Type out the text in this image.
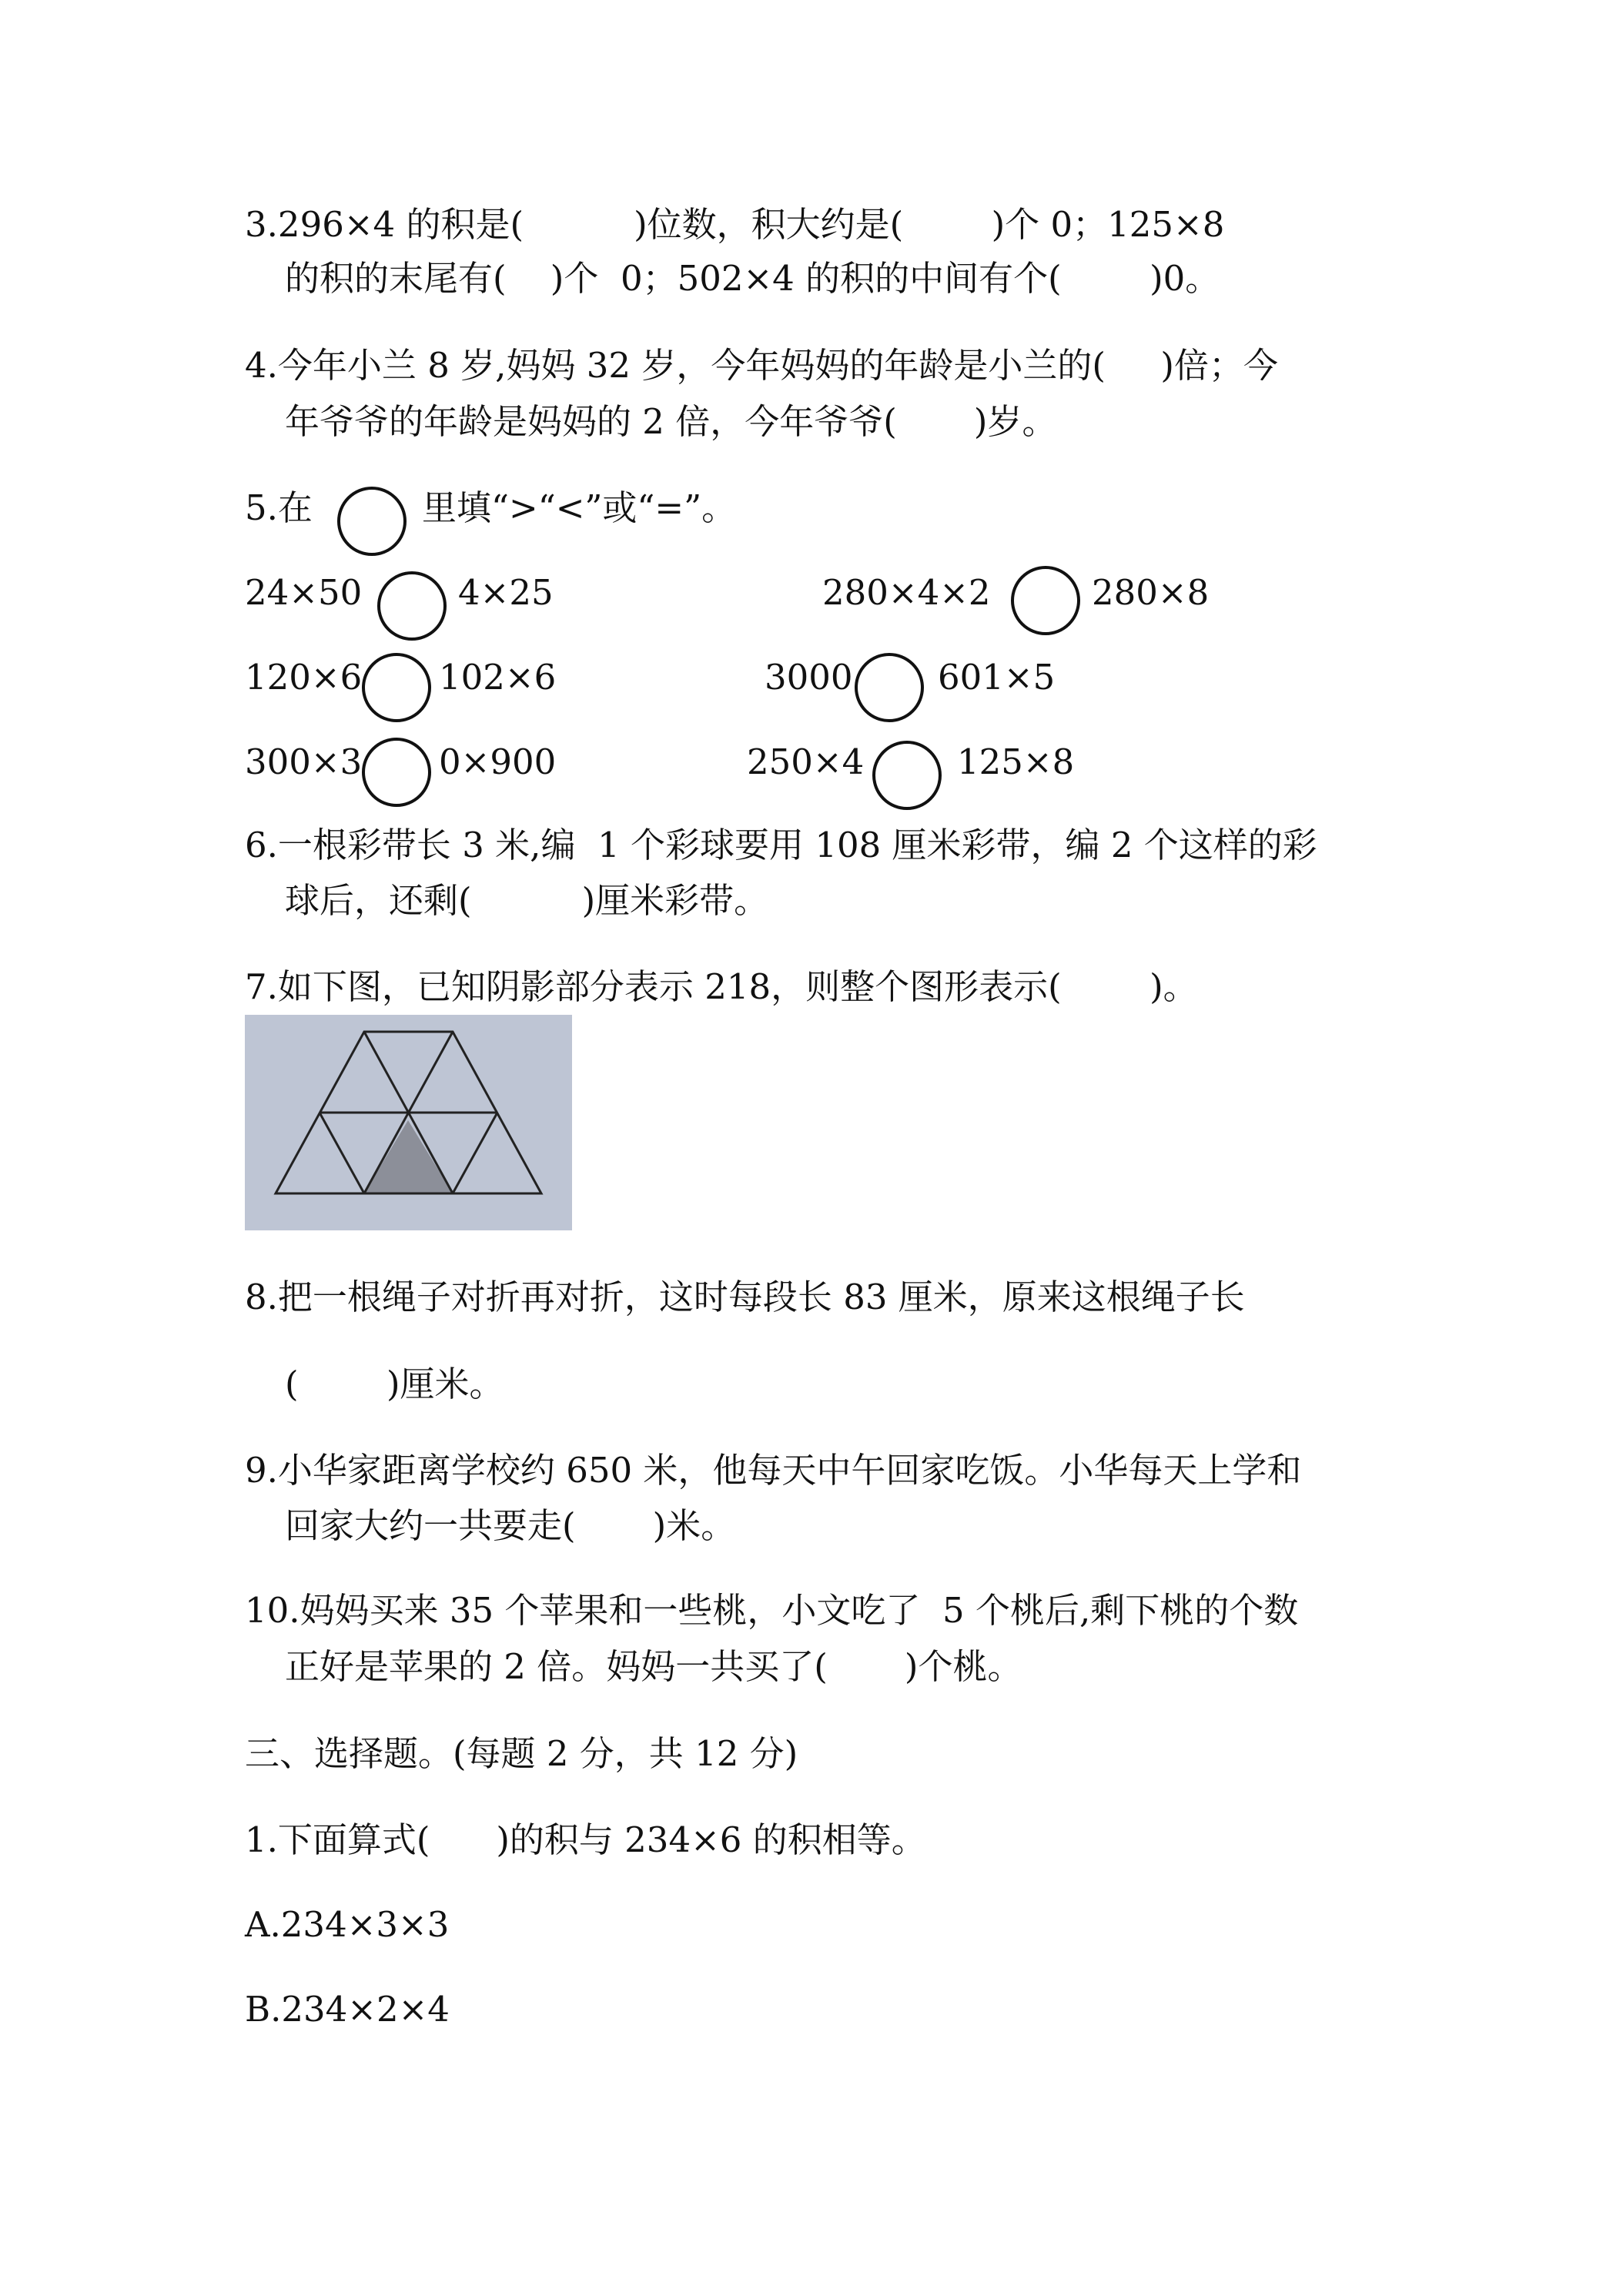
3.296×4 的积是(          )位数，积大约是(        )个 0；125×8
的积的末尾有(    )个  0；502×4 的积的中间有个(        )0。
4.今年小兰 8 岁,妈妈 32 岁，今年妈妈的年龄是小兰的(     )倍；今
年爷爷的年龄是妈妈的 2 倍，今年爷爷(       )岁。
5.在	里填“>“<”或“=”。
24×50	4×25	280×4×2	280×8
120×6 102×6	3000 601×5
300×3 0×900	250×4	125×8
6.一根彩带长 3 米,编  1 个彩球要用 108 厘米彩带，编 2 个这样的彩
球后，还剩(          )厘米彩带。
7.如下图，已知阴影部分表示 218，则整个图形表示(        )。
8.把一根绳子对折再对折，这时每段长 83 厘米，原来这根绳子长
(        )厘米。
9.小华家距离学校约 650 米，他每天中午回家吃饭。小华每天上学和
回家大约一共要走(       )米。
10.妈妈买来 35 个苹果和一些桃，小文吃了  5 个桃后,剩下桃的个数
正好是苹果的 2 倍。妈妈一共买了(       )个桃。
三、选择题。(每题 2 分，共 12 分)
1.下面算式(      )的积与 234×6 的积相等。
A.234×3×3
B.234×2×4
